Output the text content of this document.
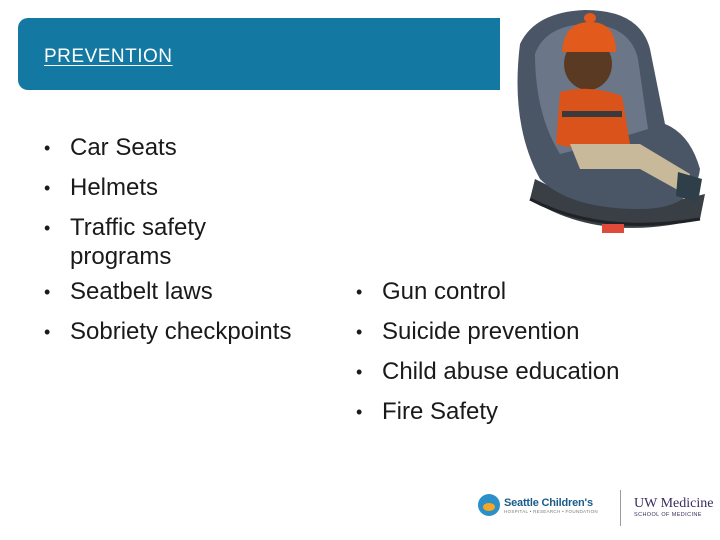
PREVENTION
• Car Seats
• Helmets
• Traffic safety
programs
• Seatbelt laws
• Sobriety checkpoints
• Gun control
• Suicide prevention
• Child abuse education
• Fire Safety
Seattle Children's
HOSPITAL • RESEARCH • FOUNDATION	UW Medicine
SCHOOL OF MEDICINE
